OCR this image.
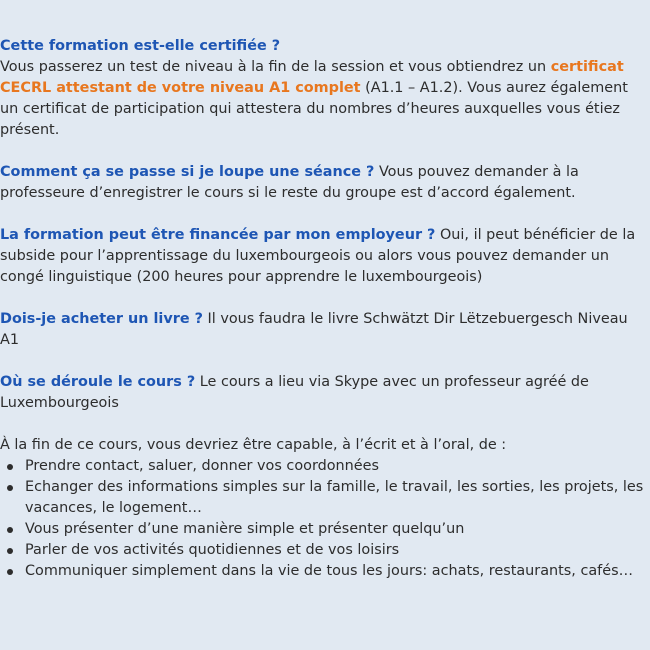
Cette formation est-elle certifiée ?
Vous passerez un test de niveau à la fin de la session et vous obtiendrez un certificat CECRL attestant de votre niveau A1 complet (A1.1 – A1.2). Vous aurez également un certificat de participation qui attestera du nombres d’heures auxquelles vous étiez présent.
Comment ça se passe si je loupe une séance ? Vous pouvez demander à la professeure d’enregistrer le cours si le reste du groupe est d’accord également.
La formation peut être financée par mon employeur ? Oui, il peut bénéficier de la subside pour l’apprentissage du luxembourgeois ou alors vous pouvez demander un congé linguistique (200 heures pour apprendre le luxembourgeois)
Dois-je acheter un livre ? Il vous faudra le livre Schwätzt Dir Lëtzebuergesch Niveau A1
Où se déroule le cours ? Le cours a lieu via Skype avec un professeur agréé de Luxembourgeois
À la fin de ce cours, vous devriez être capable, à l’écrit et à l’oral, de :
Prendre contact, saluer, donner vos coordonnées
Echanger des informations simples sur la famille, le travail, les sorties, les projets, les vacances, le logement…
Vous présenter d’une manière simple et présenter quelqu’un
Parler de vos activités quotidiennes et de vos loisirs
Communiquer simplement dans la vie de tous les jours: achats, restaurants, cafés…
